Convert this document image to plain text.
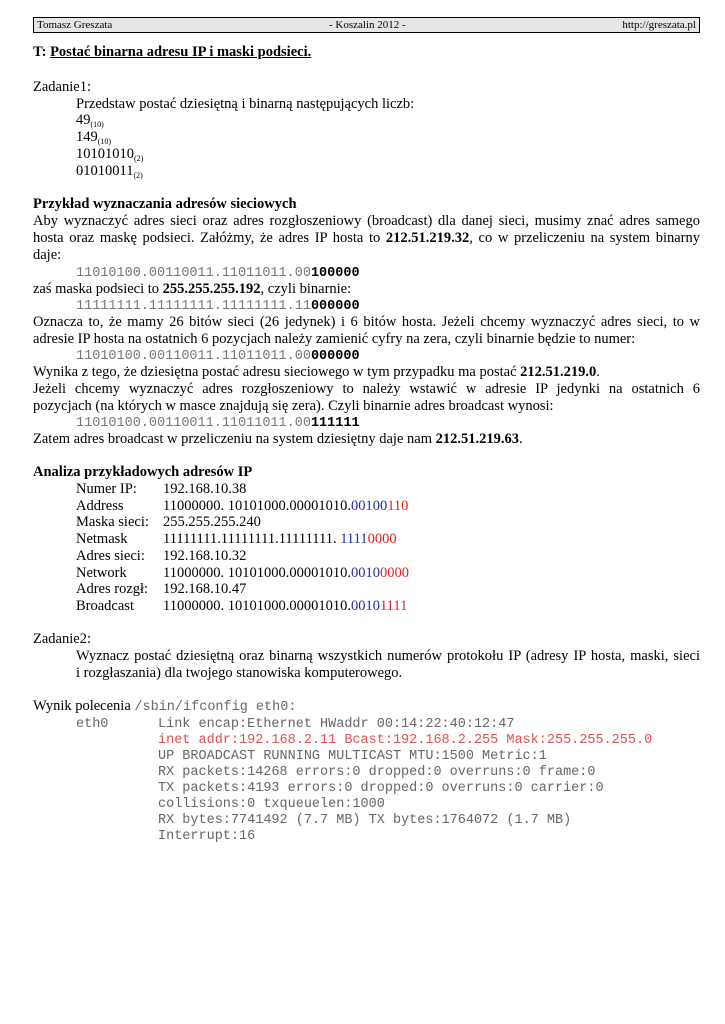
Tomasz Greszata	- Koszalin 2012 -	http://greszata.pl
T: Postać binarna adresu IP i maski podsieci.
Zadanie1:
Przedstaw postać dziesiętną i binarną następujących liczb:
$49_{(10)}$
$149_{(10)}$
$10101010_{(2)}$
$01010011_{(2)}$
Przykład wyznaczania adresów sieciowych
Aby wyznaczyć adres sieci oraz adres rozgłoszeniowy (broadcast) dla danej sieci, musimy znać adres samego
hosta oraz maskę podsieci. Załóżmy, że adres IP hosta to 212.51.219.32, co w przeliczeniu na system binarny
daje:
11010100.00110011.11011011.00100000
zaś maska podsieci to 255.255.255.192, czyli binarnie:
11111111.11111111.11111111.11000000
Oznacza to, że mamy 26 bitów sieci (26 jedynek) i 6 bitów hosta. Jeżeli chcemy wyznaczyć adres sieci, to w
adresie IP hosta na ostatnich 6 pozycjach należy zamienić cyfry na zera, czyli binarnie będzie to numer:
11010100.00110011.11011011.00000000
Wynika z tego, że dziesiętna postać adresu sieciowego w tym przypadku ma postać 212.51.219.0.
Jeżeli chcemy wyznaczyć adres rozgłoszeniowy to należy wstawić w adresie IP jedynki na ostatnich 6
pozycjach (na których w masce znajdują się zera). Czyli binarnie adres broadcast wynosi:
11010100.00110011.11011011.00111111
Zatem adres broadcast w przeliczeniu na system dziesiętny daje nam 212.51.219.63.
Analiza przykładowych adresów IP
Numer IP: 192.168.10.38
Address	11000000. 10101000.00001010.00100110
Maska sieci: 255.255.255.240
Netmask 11111111.11111111.11111111. 11110000
Adres sieci: 192.168.10.32
Network	11000000. 10101000.00001010.00100000
Adres rozgł: 192.168.10.47
Broadcast 11000000. 10101000.00001010.00101111
Zadanie2:
Wyznacz postać dziesiętną oraz binarną wszystkich numerów protokołu IP (adresy IP hosta, maski, sieci
i rozgłaszania) dla twojego stanowiska komputerowego.
Wynik polecenia /sbin/ifconfig eth0:
eth0	Link encap:Ethernet HWaddr 00:14:22:40:12:47
inet addr:192.168.2.11 Bcast:192.168.2.255 Mask:255.255.255.0
UP BROADCAST RUNNING MULTICAST MTU:1500 Metric:1
RX packets:14268 errors:0 dropped:0 overruns:0 frame:0
TX packets:4193 errors:0 dropped:0 overruns:0 carrier:0
collisions:0 txqueuelen:1000
RX bytes:7741492 (7.7 MB) TX bytes:1764072 (1.7 MB)
Interrupt:16
